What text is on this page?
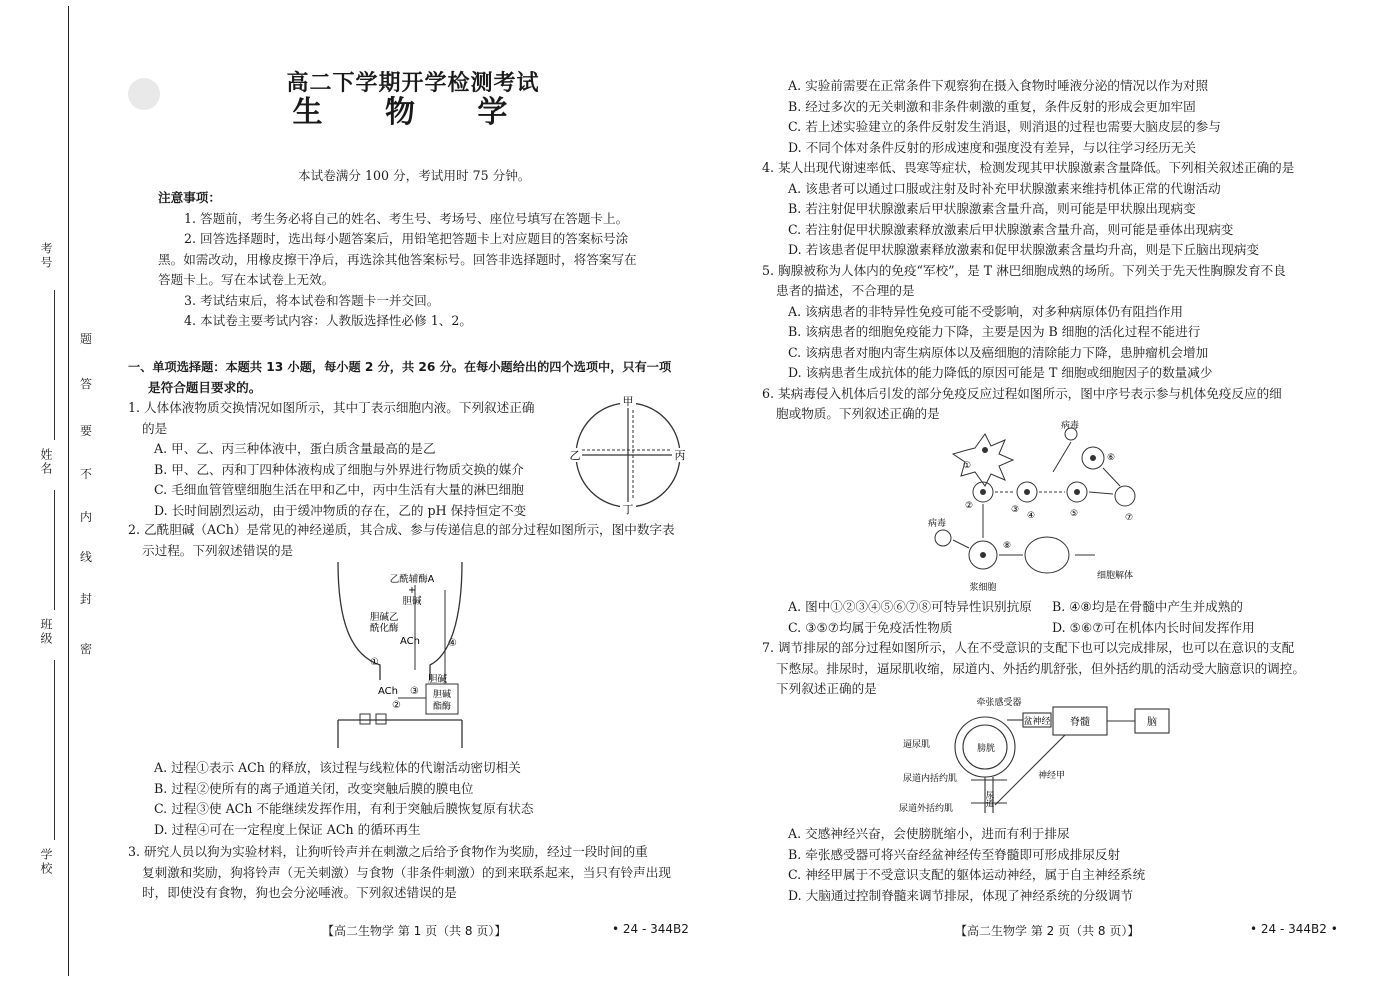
考号
姓名
班级
学校
密
封
线
内
不
要
答
题
高二下学期开学检测考试
生 物 学
本试卷满分 100 分，考试用时 75 分钟。
注意事项：
1. 答题前，考生务必将自己的姓名、考生号、考场号、座位号填写在答题卡上。
2. 回答选择题时，选出每小题答案后，用铅笔把答题卡上对应题目的答案标号涂
黑。如需改动，用橡皮擦干净后，再选涂其他答案标号。回答非选择题时，将答案写在
答题卡上。写在本试卷上无效。
3. 考试结束后，将本试卷和答题卡一并交回。
4. 本试卷主要考试内容：人教版选择性必修 1、2。
一、单项选择题：本题共 13 小题，每小题 2 分，共 26 分。在每小题给出的四个选项中，只有一项
是符合题目要求的。
1. 人体体液物质交换情况如图所示，其中丁表示细胞内液。下列叙述正确
的是
A. 甲、乙、丙三种体液中，蛋白质含量最高的是乙
B. 甲、乙、丙和丁四种体液构成了细胞与外界进行物质交换的媒介
C. 毛细血管管壁细胞生活在甲和乙中，丙中生活有大量的淋巴细胞
D. 长时间剧烈运动，由于缓冲物质的存在，乙的 pH 保持恒定不变
甲
乙	丙
丁
2. 乙酰胆碱（ACh）是常见的神经递质，其合成、参与传递信息的部分过程如图所示，图中数字表
示过程。下列叙述错误的是
乙酰辅酶A
+
胆碱
胆碱乙
酰化酶
ACh	④
①
胆碱
ACh ③
②
胆碱
酯酶
A. 过程①表示 ACh 的释放，该过程与线粒体的代谢活动密切相关
B. 过程②使所有的离子通道关闭，改变突触后膜的膜电位
C. 过程③使 ACh 不能继续发挥作用，有利于突触后膜恢复原有状态
D. 过程④可在一定程度上保证 ACh 的循环再生
3. 研究人员以狗为实验材料，让狗听铃声并在刺激之后给予食物作为奖励，经过一段时间的重
复刺激和奖励，狗将铃声（无关刺激）与食物（非条件刺激）的到来联系起来，当只有铃声出现
时，即使没有食物，狗也会分泌唾液。下列叙述错误的是
【高二生物学 第 1 页（共 8 页）】	• 24 - 344B2
A. 实验前需要在正常条件下观察狗在摄入食物时唾液分泌的情况以作为对照
B. 经过多次的无关刺激和非条件刺激的重复，条件反射的形成会更加牢固
C. 若上述实验建立的条件反射发生消退，则消退的过程也需要大脑皮层的参与
D. 不同个体对条件反射的形成速度和强度没有差异，与以往学习经历无关
4. 某人出现代谢速率低、畏寒等症状，检测发现其甲状腺激素含量降低。下列相关叙述正确的是
A. 该患者可以通过口服或注射及时补充甲状腺激素来维持机体正常的代谢活动
B. 若注射促甲状腺激素后甲状腺激素含量升高，则可能是甲状腺出现病变
C. 若注射促甲状腺激素释放激素后甲状腺激素含量升高，则可能是垂体出现病变
D. 若该患者促甲状腺激素释放激素和促甲状腺激素含量均升高，则是下丘脑出现病变
5. 胸腺被称为人体内的免疫“军校”，是 T 淋巴细胞成熟的场所。下列关于先天性胸腺发育不良
患者的描述，不合理的是
A. 该病患者的非特异性免疫可能不受影响，对多种病原体仍有阻挡作用
B. 该病患者的细胞免疫能力下降，主要是因为 B 细胞的活化过程不能进行
C. 该病患者对胞内寄生病原体以及癌细胞的清除能力下降，患肿瘤机会增加
D. 该病患者生成抗体的能力降低的原因可能是 T 细胞或细胞因子的数量减少
6. 某病毒侵入机体后引发的部分免疫反应过程如图所示，图中序号表示参与机体免疫反应的细
胞或物质。下列叙述正确的是
病毒
病毒
①
②	③
④	⑤
⑥
⑦
⑧
浆细胞
细胞解体
A. 图中①②③④⑤⑥⑦⑧可特异性识别抗原 B. ④⑧均是在骨髓中产生并成熟的
C. ③⑤⑦均属于免疫活性物质	D. ⑤⑥⑦可在机体内长时间发挥作用
7. 调节排尿的部分过程如图所示，人在不受意识的支配下也可以完成排尿，也可以在意识的支配
下憋尿。排尿时，逼尿肌收缩，尿道内、外括约肌舒张，但外括约肌的活动受大脑意识的调控。
下列叙述正确的是
牵张感受器
盆神经 脊髓	脑
逼尿肌	膀胱
尿道内括约肌
尿道
神经甲
尿道外括约肌
A. 交感神经兴奋，会使膀胱缩小，进而有利于排尿
B. 牵张感受器可将兴奋经盆神经传至脊髓即可形成排尿反射
C. 神经甲属于不受意识支配的躯体运动神经，属于自主神经系统
D. 大脑通过控制脊髓来调节排尿，体现了神经系统的分级调节
【高二生物学 第 2 页（共 8 页）】	• 24 - 344B2 •
